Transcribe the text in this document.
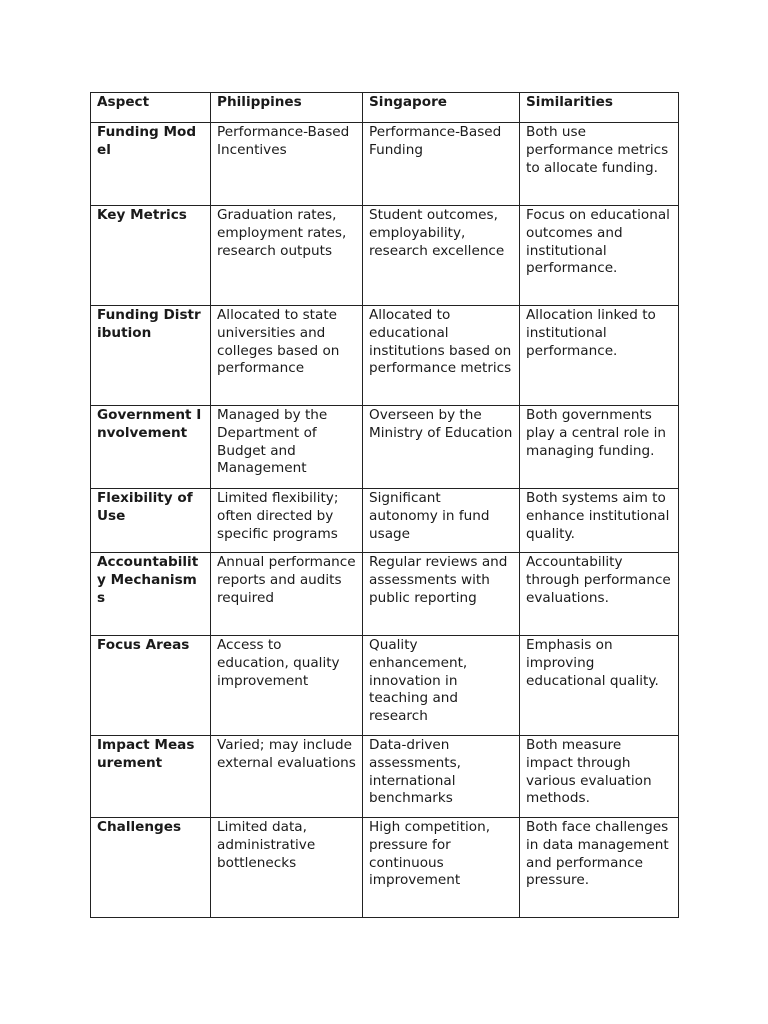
Aspect	Philippines	Singapore	Similarities
Funding Model	Performance-Based Incentives	Performance-Based Funding	Both use performance metrics to allocate funding.
Key Metrics	Graduation rates, employment rates, research outputs	Student outcomes, employability, research excellence	Focus on educational outcomes and institutional performance.
Funding Distribution	Allocated to state universities and colleges based on performance	Allocated to educational institutions based on performance metrics	Allocation linked to institutional performance.
Government Involvement	Managed by the Department of Budget and Management	Overseen by the Ministry of Education	Both governments play a central role in managing funding.
Flexibility of Use	Limited flexibility; often directed by specific programs	Significant autonomy in fund usage	Both systems aim to enhance institutional quality.
Accountability Mechanisms	Annual performance reports and audits required	Regular reviews and assessments with public reporting	Accountability through performance evaluations.
Focus Areas	Access to education, quality improvement	Quality enhancement, innovation in teaching and research	Emphasis on improving educational quality.
Impact Measurement	Varied; may include external evaluations	Data-driven assessments, international benchmarks	Both measure impact through various evaluation methods.
Challenges	Limited data, administrative bottlenecks	High competition, pressure for continuous improvement	Both face challenges in data management and performance pressure.
